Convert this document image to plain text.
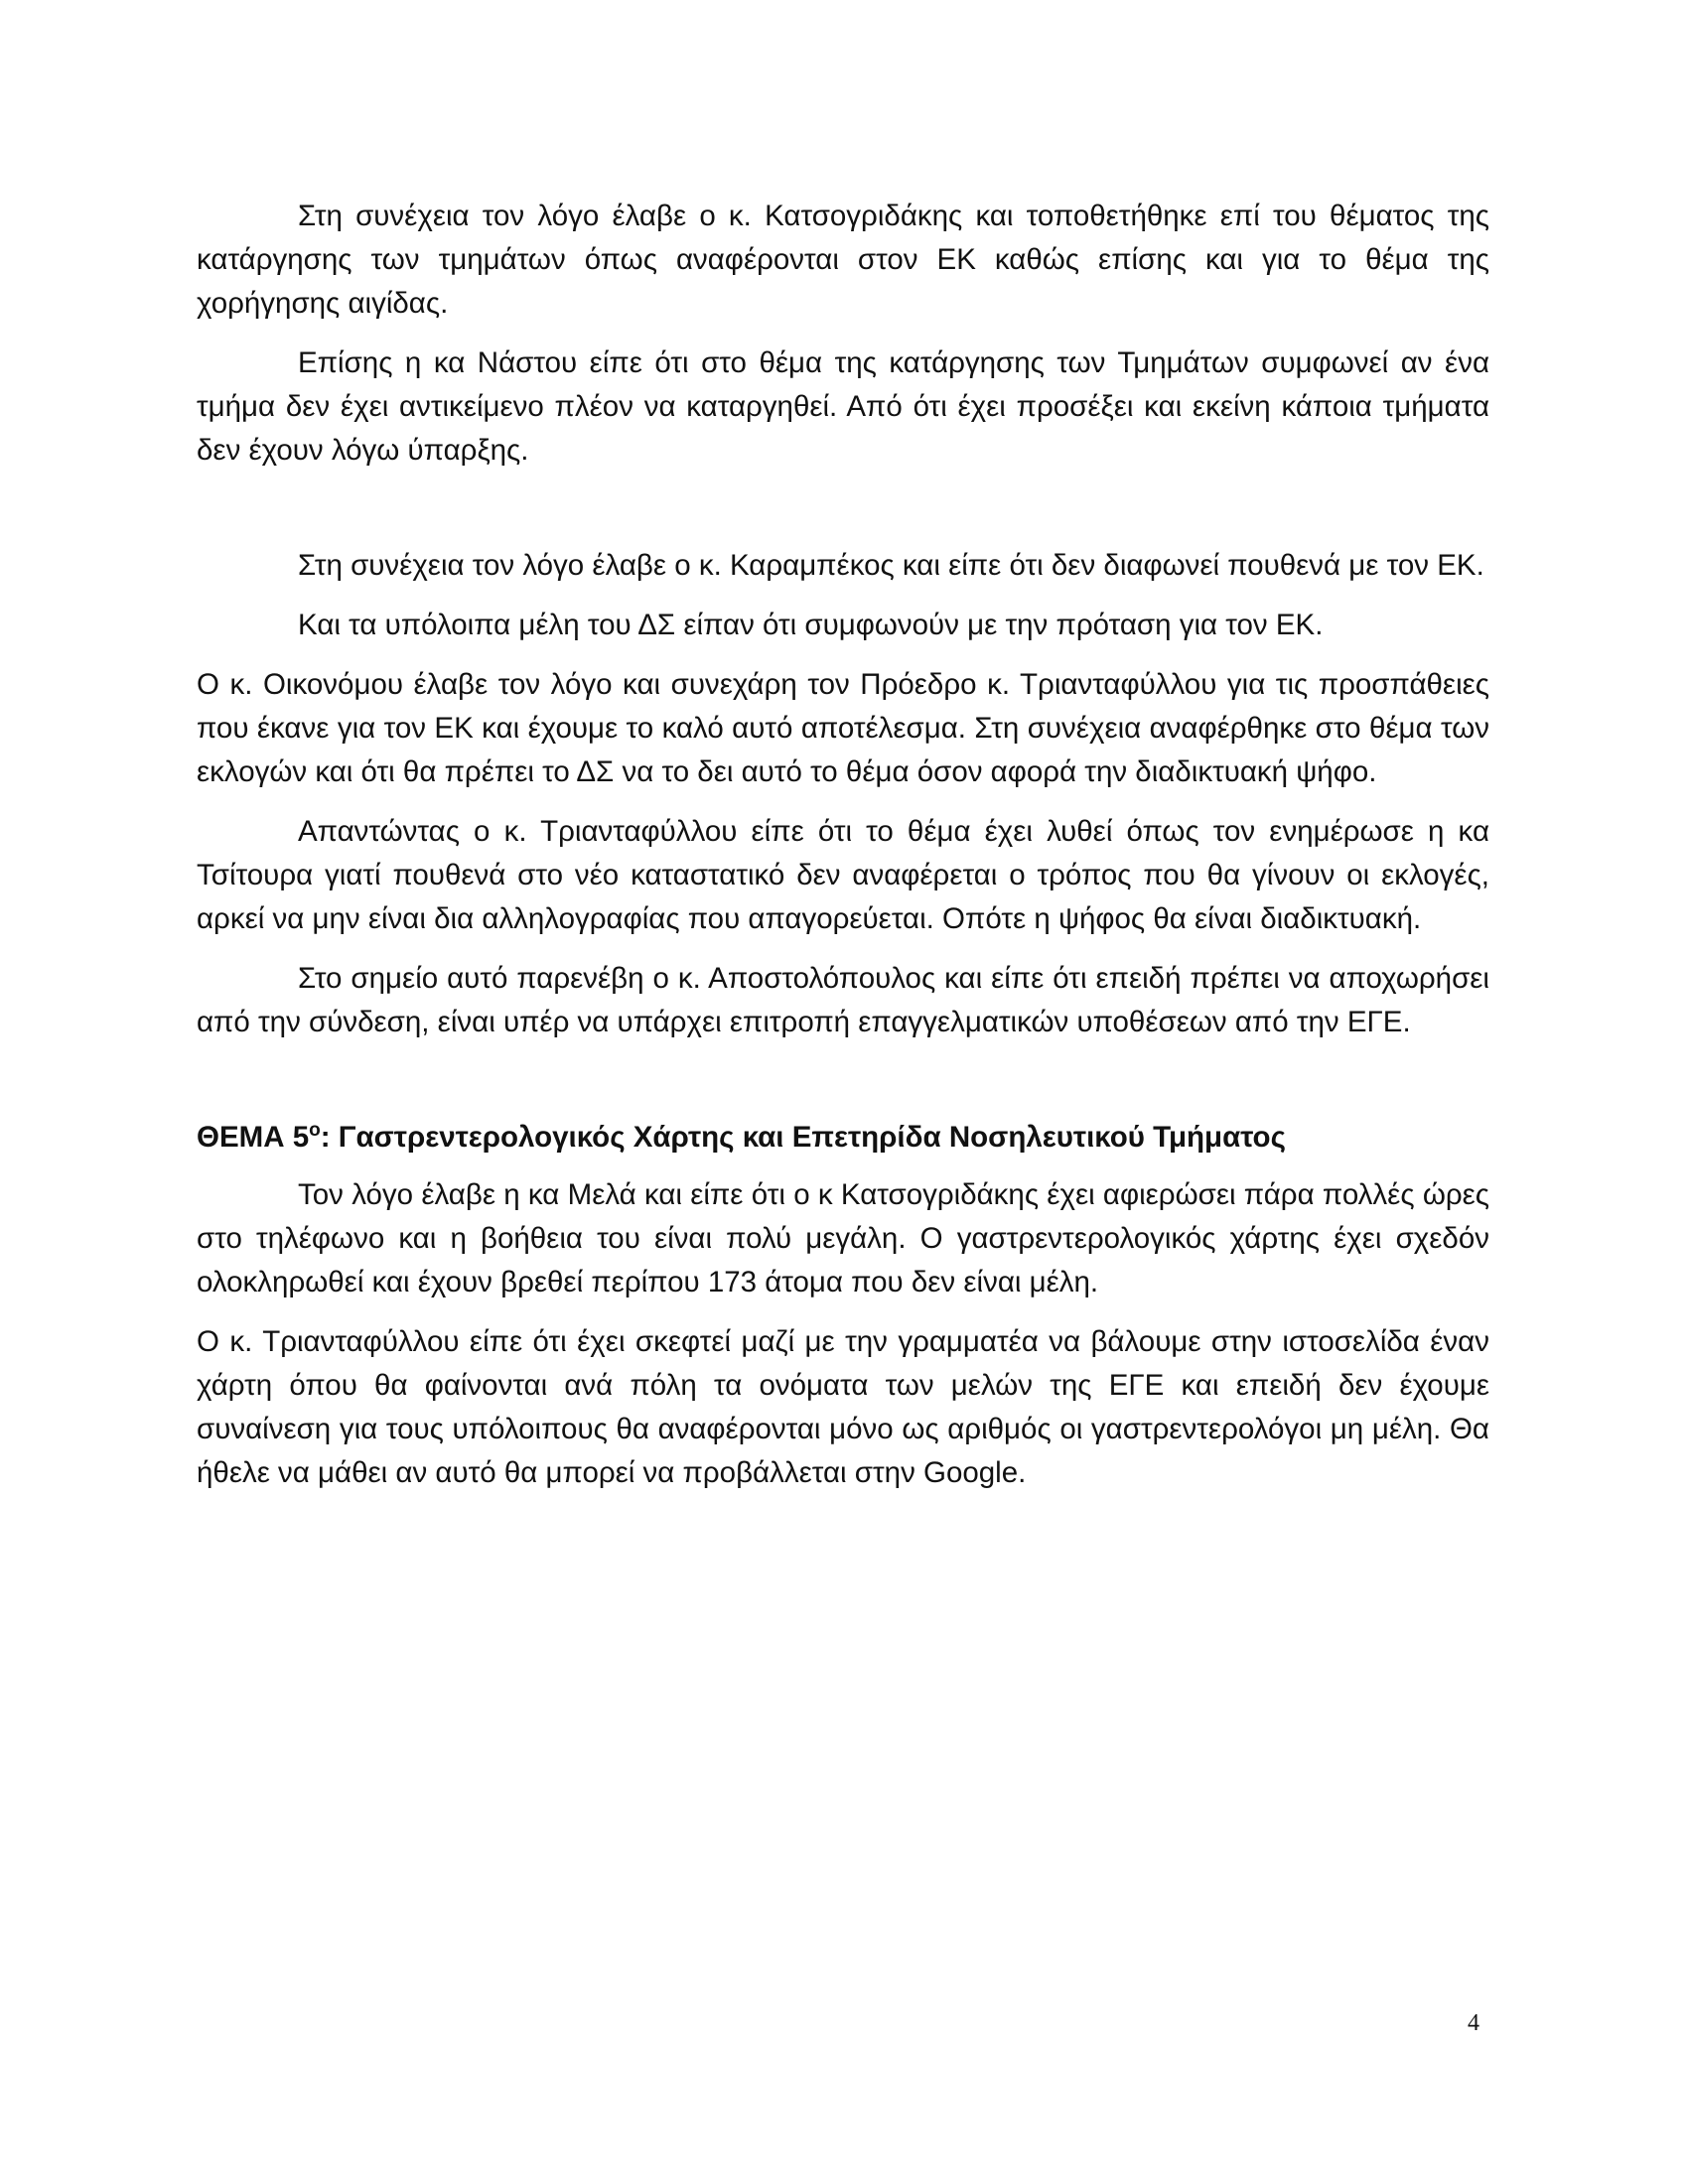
Στη συνέχεια τον λόγο έλαβε ο κ. Κατσογριδάκης και τοποθετήθηκε επί του θέματος της κατάργησης των τμημάτων όπως αναφέρονται στον ΕΚ καθώς επίσης και για το θέμα της χορήγησης αιγίδας.

Επίσης η κα Νάστου είπε ότι στο θέμα της κατάργησης των Τμημάτων συμφωνεί αν ένα τμήμα δεν έχει αντικείμενο πλέον να καταργηθεί. Από ότι έχει προσέξει και εκείνη κάποια τμήματα δεν έχουν λόγω ύπαρξης.

Στη συνέχεια τον λόγο έλαβε ο κ. Καραμπέκος και είπε ότι δεν διαφωνεί πουθενά με τον ΕΚ.

Και τα υπόλοιπα μέλη του ΔΣ είπαν ότι συμφωνούν με την πρόταση για τον ΕΚ.

Ο κ. Οικονόμου έλαβε τον λόγο και συνεχάρη τον Πρόεδρο κ. Τριανταφύλλου για τις προσπάθειες που έκανε για τον ΕΚ και έχουμε το καλό αυτό αποτέλεσμα. Στη συνέχεια αναφέρθηκε στο θέμα των εκλογών και ότι θα πρέπει το ΔΣ να το δει αυτό το θέμα όσον αφορά την διαδικτυακή ψήφο.

Απαντώντας ο κ. Τριανταφύλλου είπε ότι το θέμα έχει λυθεί όπως τον ενημέρωσε η κα Τσίτουρα γιατί πουθενά στο νέο καταστατικό δεν αναφέρεται ο τρόπος που θα γίνουν οι εκλογές, αρκεί να μην είναι δια αλληλογραφίας που απαγορεύεται. Οπότε η ψήφος θα είναι διαδικτυακή.

Στο σημείο αυτό παρενέβη ο κ. Αποστολόπουλος και είπε ότι επειδή πρέπει να αποχωρήσει από την σύνδεση, είναι υπέρ να υπάρχει επιτροπή επαγγελματικών υποθέσεων από την ΕΓΕ.

ΘΕΜΑ $5^o$: Γαστρεντερολογικός Χάρτης και Επετηρίδα Νοσηλευτικού Τμήματος

Τον λόγο έλαβε η κα Μελά και είπε ότι ο κ Κατσογριδάκης έχει αφιερώσει πάρα πολλές ώρες στο τηλέφωνο και η βοήθεια του είναι πολύ μεγάλη. Ο γαστρεντερολογικός χάρτης έχει σχεδόν ολοκληρωθεί και έχουν βρεθεί περίπου 173 άτομα που δεν είναι μέλη.

Ο κ. Τριανταφύλλου είπε ότι έχει σκεφτεί μαζί με την γραμματέα να βάλουμε στην ιστοσελίδα έναν χάρτη όπου θα φαίνονται ανά πόλη τα ονόματα των μελών της ΕΓΕ και επειδή δεν έχουμε συναίνεση για τους υπόλοιπους θα αναφέρονται μόνο ως αριθμός οι γαστρεντερολόγοι μη μέλη. Θα ήθελε να μάθει αν αυτό θα μπορεί να προβάλλεται στην Google.

4
